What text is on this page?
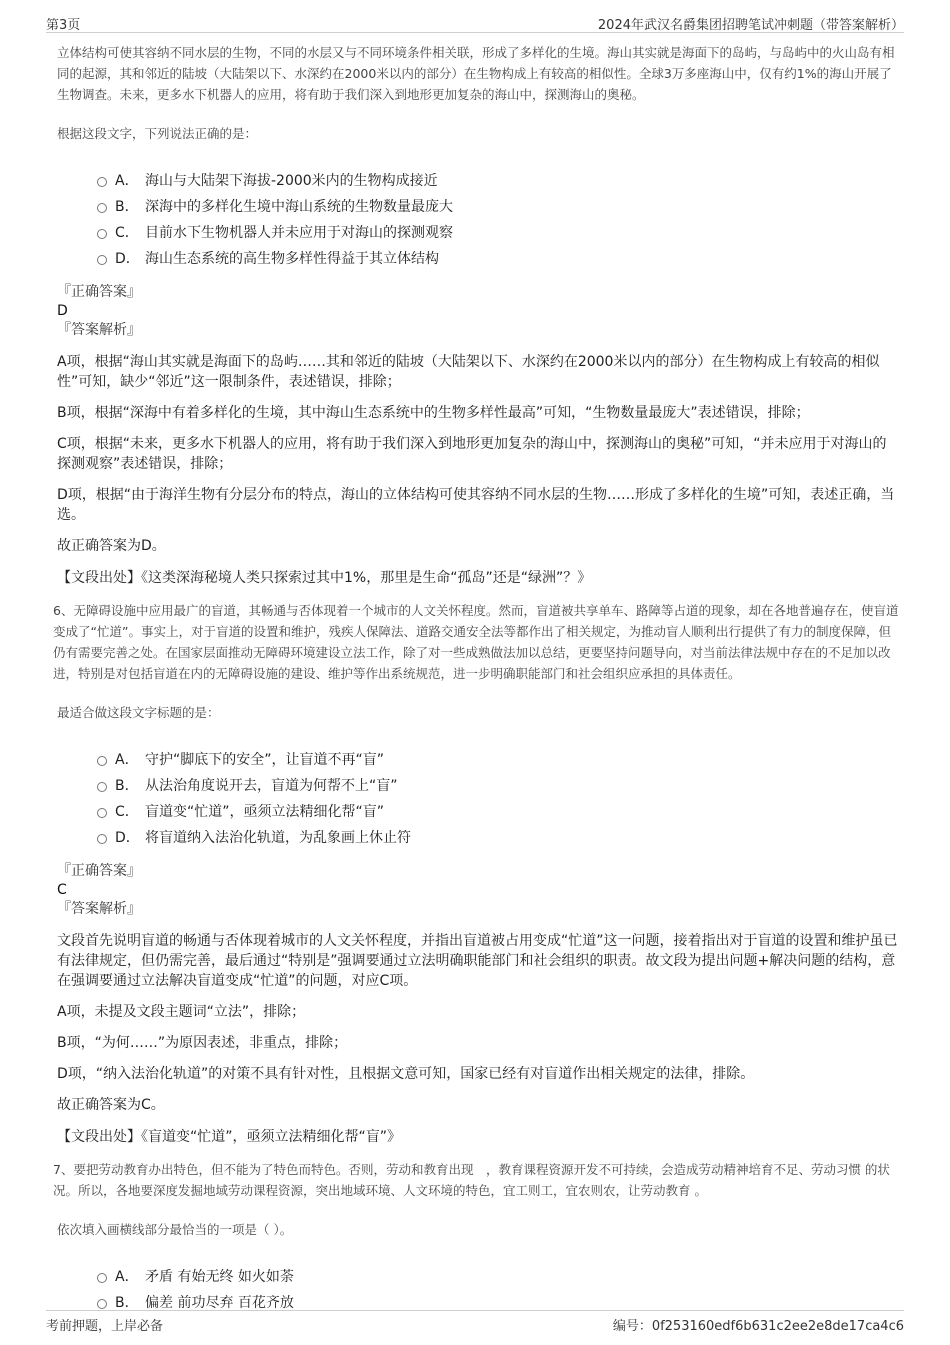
第3页	2024年武汉名爵集团招聘笔试冲刺题（带答案解析）
立体结构可使其容纳不同水层的生物，不同的水层又与不同环境条件相关联，形成了多样化的生境。海山其实就是海面下的岛屿，与岛屿中的火山岛有相同的起源，其和邻近的陆坡（大陆架以下、水深约在2000米以内的部分）在生物构成上有较高的相似性。全球3万多座海山中，仅有约1%的海山开展了生物调查。未来，更多水下机器人的应用，将有助于我们深入到地形更加复杂的海山中，探测海山的奥秘。
根据这段文字，下列说法正确的是：
A． 海山与大陆架下海拔-2000米内的生物构成接近
B． 深海中的多样化生境中海山系统的生物数量最庞大
C． 目前水下生物机器人并未应用于对海山的探测观察
D． 海山生态系统的高生物多样性得益于其立体结构
『正确答案』
D
『答案解析』
A项，根据“海山其实就是海面下的岛屿……其和邻近的陆坡（大陆架以下、水深约在2000米以内的部分）在生物构成上有较高的相似性”可知，缺少“邻近”这一限制条件，表述错误，排除；
B项，根据“深海中有着多样化的生境，其中海山生态系统中的生物多样性最高”可知，“生物数量最庞大”表述错误，排除；
C项，根据“未来，更多水下机器人的应用，将有助于我们深入到地形更加复杂的海山中，探测海山的奥秘”可知，“并未应用于对海山的探测观察”表述错误，排除；
D项，根据“由于海洋生物有分层分布的特点，海山的立体结构可使其容纳不同水层的生物……形成了多样化的生境”可知，表述正确，当选。
故正确答案为D。
【文段出处】《这类深海秘境人类只探索过其中1%，那里是生命“孤岛”还是“绿洲”？》
6、无障碍设施中应用最广的盲道，其畅通与否体现着一个城市的人文关怀程度。然而，盲道被共享单车、路障等占道的现象，却在各地普遍存在，使盲道变成了“忙道”。事实上，对于盲道的设置和维护，残疾人保障法、道路交通安全法等都作出了相关规定，为推动盲人顺利出行提供了有力的制度保障，但仍有需要完善之处。在国家层面推动无障碍环境建设立法工作，除了对一些成熟做法加以总结，更要坚持问题导向，对当前法律法规中存在的不足加以改进，特别是对包括盲道在内的无障碍设施的建设、维护等作出系统规范，进一步明确职能部门和社会组织应承担的具体责任。
最适合做这段文字标题的是：
A． 守护“脚底下的安全”，让盲道不再“盲”
B． 从法治角度说开去，盲道为何帮不上“盲”
C． 盲道变“忙道”，亟须立法精细化帮“盲”
D． 将盲道纳入法治化轨道，为乱象画上休止符
『正确答案』
C
『答案解析』
文段首先说明盲道的畅通与否体现着城市的人文关怀程度，并指出盲道被占用变成“忙道”这一问题，接着指出对于盲道的设置和维护虽已有法律规定，但仍需完善，最后通过“特别是”强调要通过立法明确职能部门和社会组织的职责。故文段为提出问题+解决问题的结构，意在强调要通过立法解决盲道变成“忙道”的问题，对应C项。
A项，未提及文段主题词“立法”，排除；
B项，“为何……”为原因表述，非重点，排除；
D项，“纳入法治化轨道”的对策不具有针对性，且根据文意可知，国家已经有对盲道作出相关规定的法律，排除。
故正确答案为C。
【文段出处】《盲道变“忙道”，亟须立法精细化帮“盲”》
7、要把劳动教育办出特色，但不能为了特色而特色。否则，劳动和教育出现　，教育课程资源开发不可持续，会造成劳动精神培育不足、劳动习惯 的状况。所以，各地要深度发掘地域劳动课程资源，突出地域环境、人文环境的特色，宜工则工，宜农则农，让劳动教育 。
依次填入画横线部分最恰当的一项是（ ）。
A． 矛盾 有始无终 如火如荼
B． 偏差 前功尽弃 百花齐放
考前押题，上岸必备	编号：0f253160edf6b631c2ee2e8de17ca4c6
